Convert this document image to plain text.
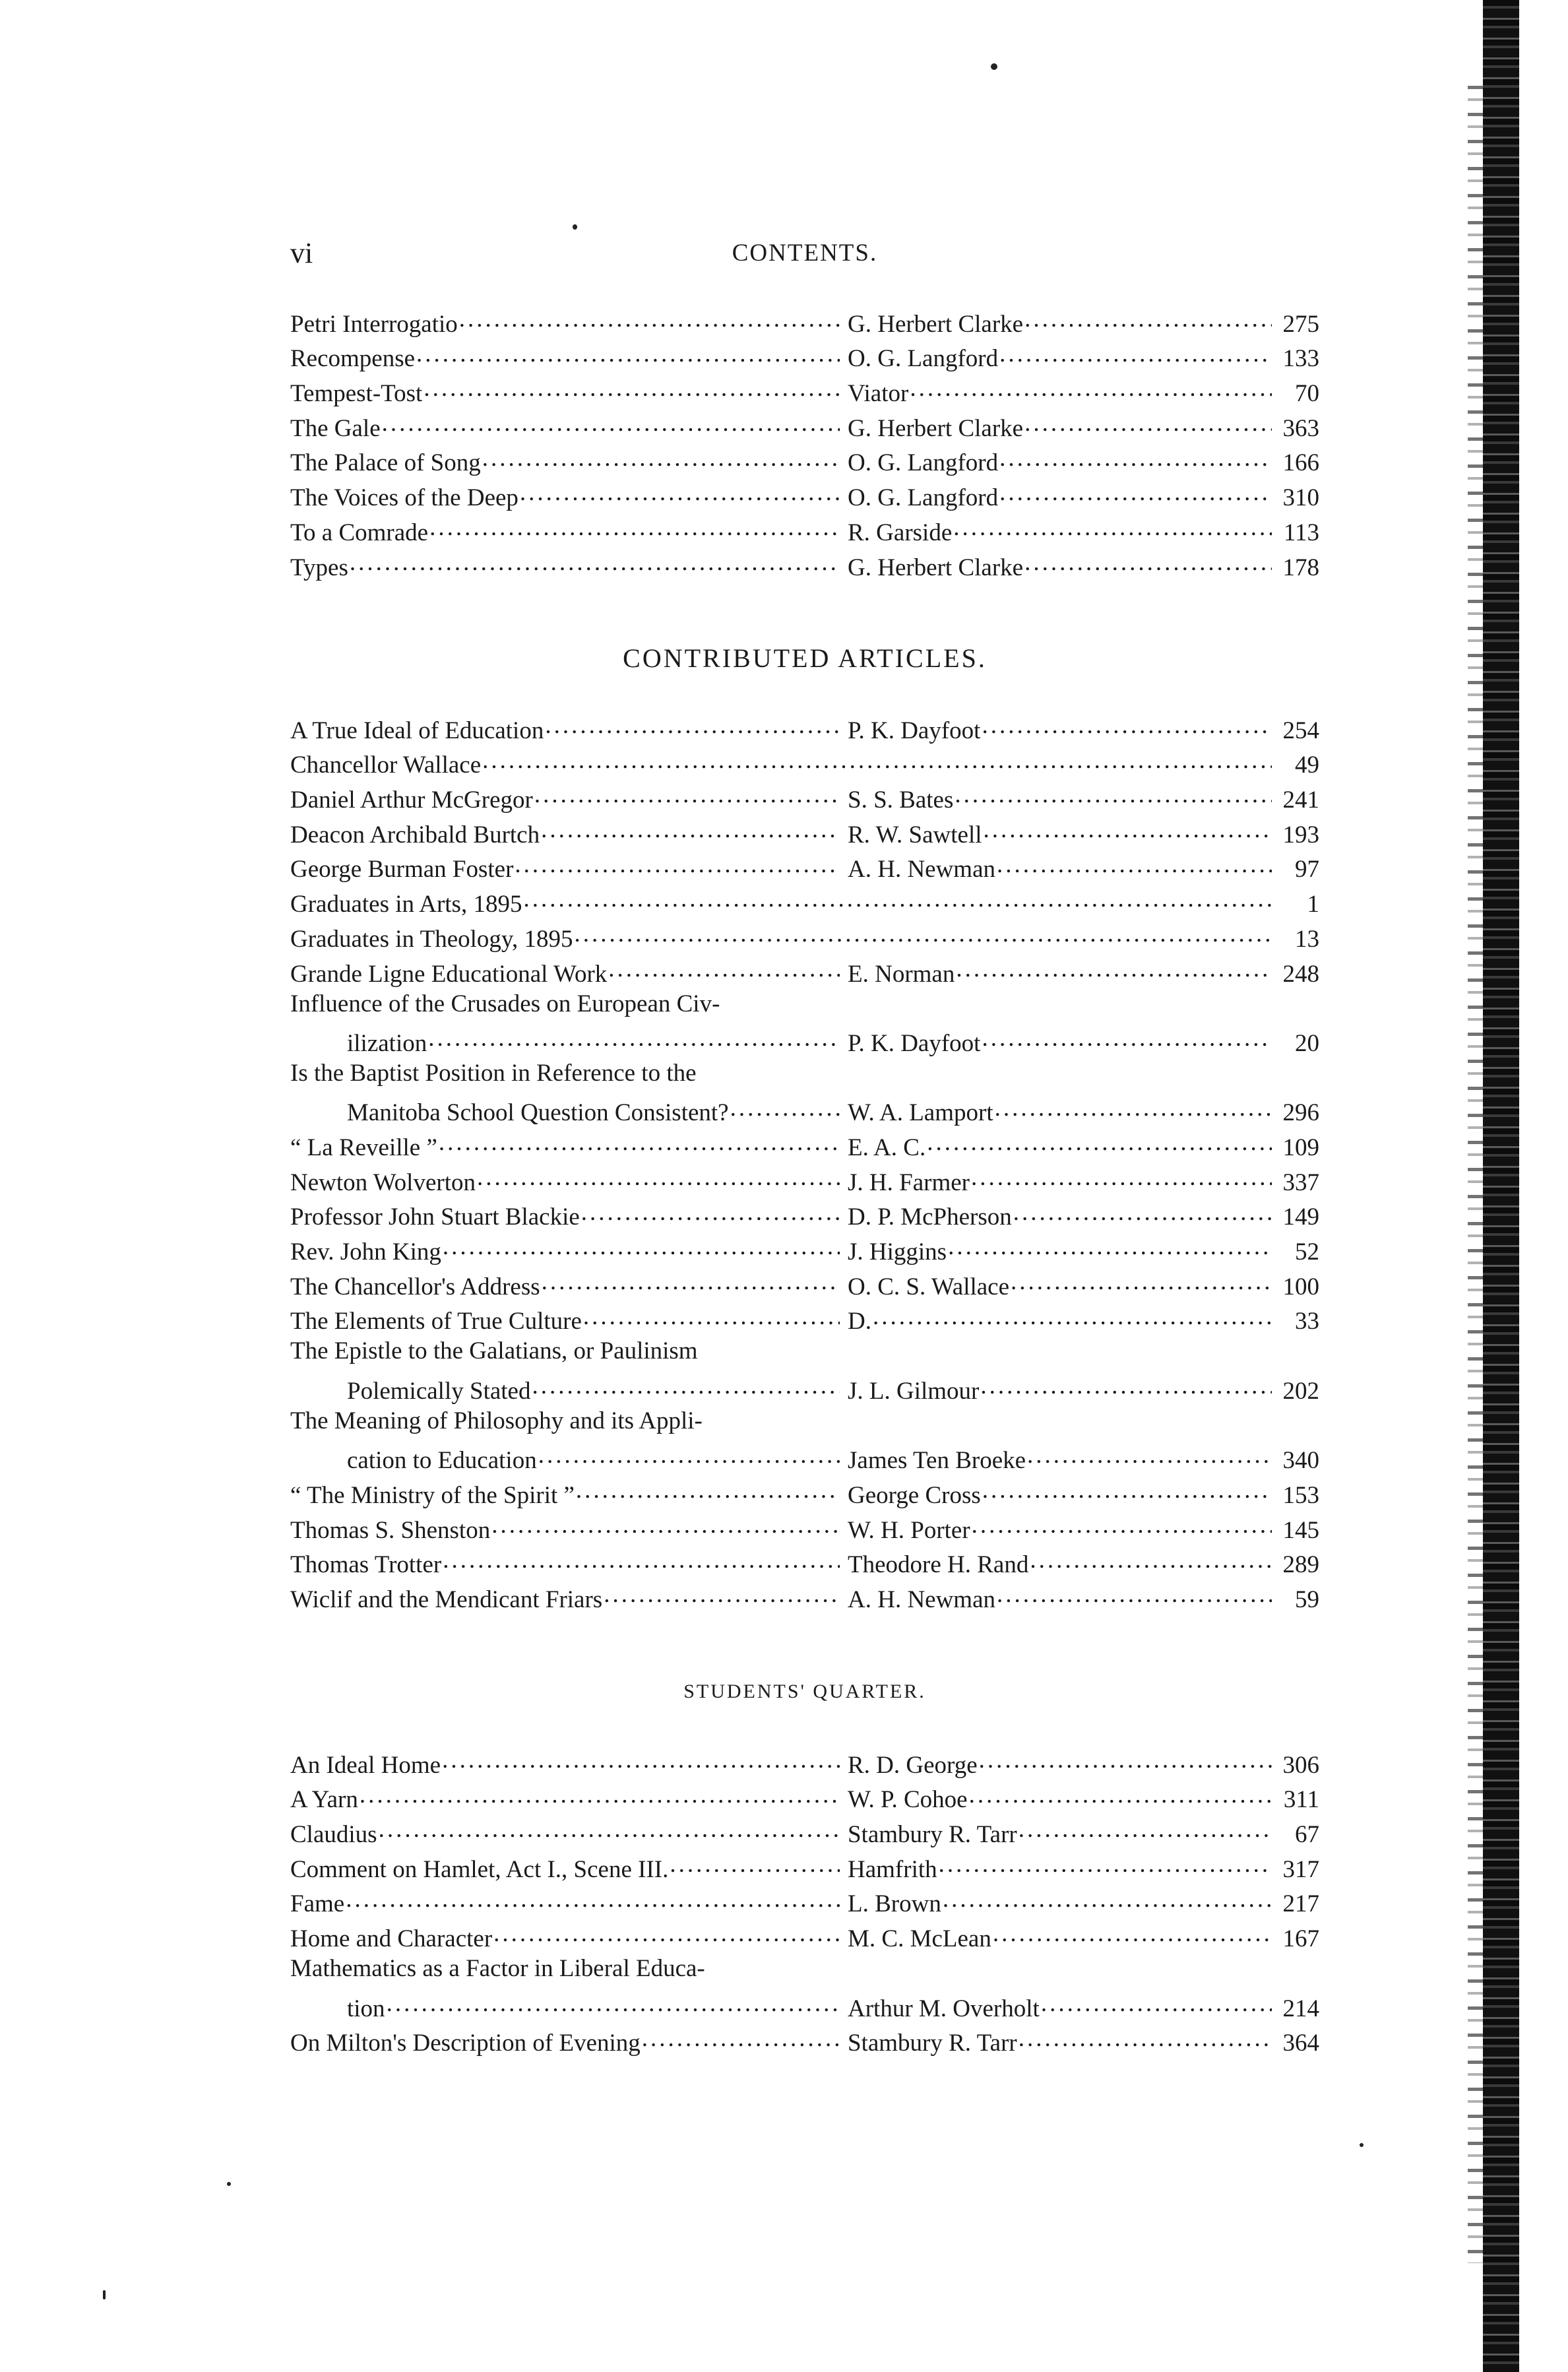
vi	CONTENTS.
Petri Interrogatio .....	G. Herbert Clarke .....	275
Recompense .....	O. G. Langford .....	133
Tempest-Tost .....	Viator .....	70
The Gale .....	G. Herbert Clarke .....	363
The Palace of Song .....	O. G. Langford .....	166
The Voices of the Deep .....	O. G. Langford .....	310
To a Comrade .....	R. Garside .....	113
Types .....	G. Herbert Clarke .....	178
CONTRIBUTED ARTICLES.
A True Ideal of Education .....	P. K. Dayfoot .....	254
Chancellor Wallace .....	49
Daniel Arthur McGregor .....	S. S. Bates .....	241
Deacon Archibald Burtch .....	R. W. Sawtell .....	193
George Burman Foster .....	A. H. Newman .....	97
Graduates in Arts, 1895 .....	1
Graduates in Theology, 1895 .....	13
Grande Ligne Educational Work .....	E. Norman .....	248
Influence of the Crusades on European Civ-
ilization .....	P. K. Dayfoot .....	20
Is the Baptist Position in Reference to the
Manitoba School Question Consistent? .....	W. A. Lamport .....	296
“ La Reveille ” .....	E. A. C. .....	109
Newton Wolverton .....	J. H. Farmer .....	337
Professor John Stuart Blackie .....	D. P. McPherson .....	149
Rev. John King .....	J. Higgins .....	52
The Chancellor's Address .....	O. C. S. Wallace .....	100
The Elements of True Culture .....	D. .....	33
The Epistle to the Galatians, or Paulinism
Polemically Stated .....	J. L. Gilmour .....	202
The Meaning of Philosophy and its Appli-
cation to Education .....	James Ten Broeke .....	340
“ The Ministry of the Spirit ” .....	George Cross .....	153
Thomas S. Shenston .....	W. H. Porter .....	145
Thomas Trotter .....	Theodore H. Rand .....	289
Wiclif and the Mendicant Friars .....	A. H. Newman .....	59
STUDENTS' QUARTER.
An Ideal Home .....	R. D. George .....	306
A Yarn .....	W. P. Cohoe .....	311
Claudius .....	Stambury R. Tarr .....	67
Comment on Hamlet, Act I., Scene III. .....	Hamfrith .....	317
Fame .....	L. Brown .....	217
Home and Character .....	M. C. McLean .....	167
Mathematics as a Factor in Liberal Educa-
tion .....	Arthur M. Overholt .....	214
On Milton's Description of Evening .....	Stambury R. Tarr .....	364
